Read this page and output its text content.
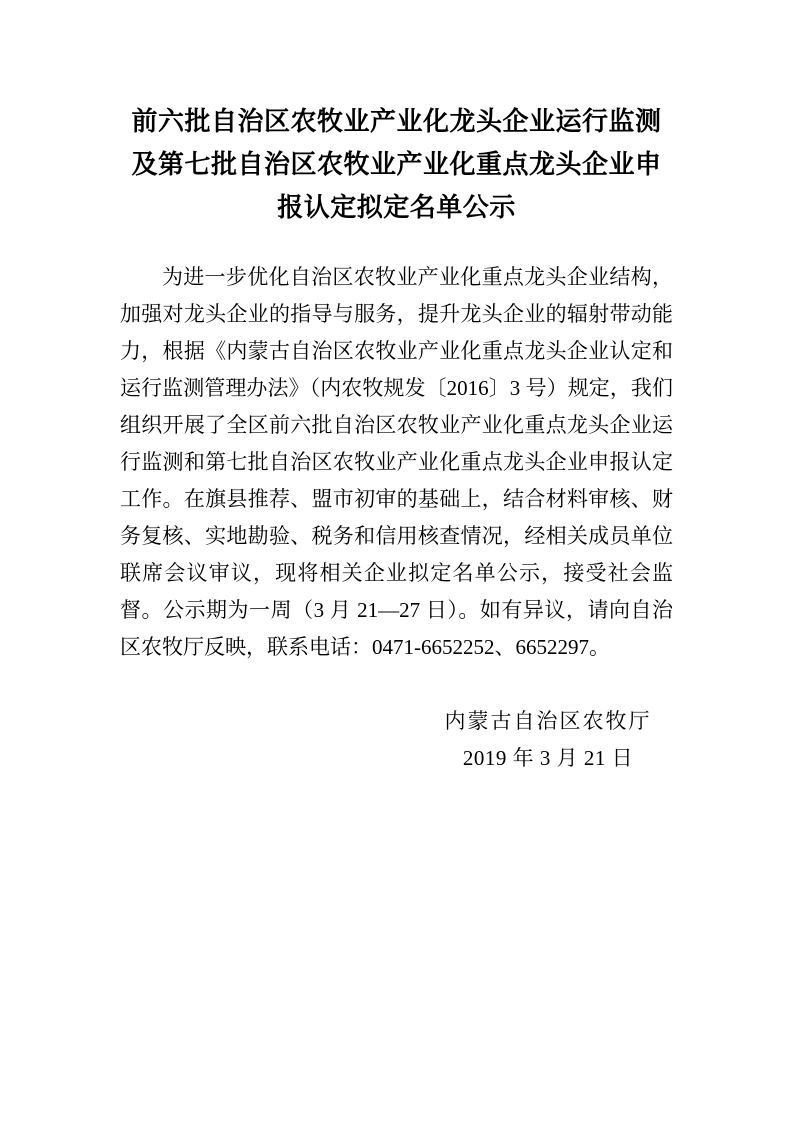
前六批自治区农牧业产业化龙头企业运行监测及第七批自治区农牧业产业化重点龙头企业申报认定拟定名单公示

为进一步优化自治区农牧业产业化重点龙头企业结构，加强对龙头企业的指导与服务，提升龙头企业的辐射带动能力，根据《内蒙古自治区农牧业产业化重点龙头企业认定和运行监测管理办法》（内农牧规发〔2016〕3 号）规定，我们组织开展了全区前六批自治区农牧业产业化重点龙头企业运行监测和第七批自治区农牧业产业化重点龙头企业申报认定工作。在旗县推荐、盟市初审的基础上，结合材料审核、财务复核、实地勘验、税务和信用核查情况，经相关成员单位联席会议审议，现将相关企业拟定名单公示，接受社会监督。公示期为一周（3 月 21—27 日）。如有异议，请向自治区农牧厅反映，联系电话：0471-6652252、6652297。

内蒙古自治区农牧厅
2019 年 3 月 21 日
